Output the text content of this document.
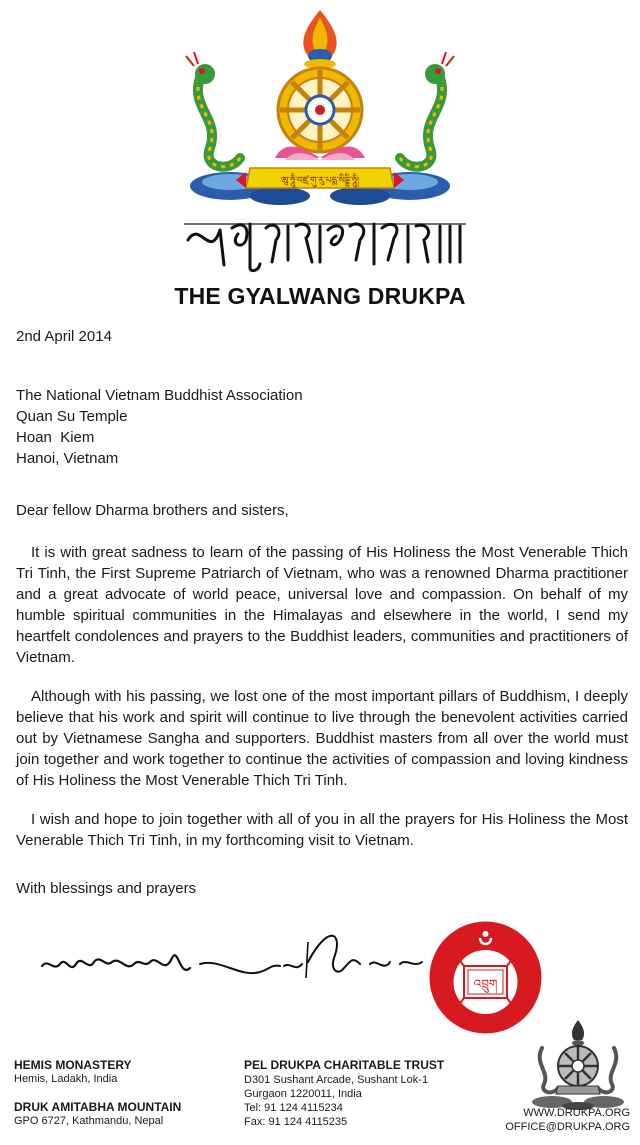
ཨཱ་ཧཱུྃ་བཛྲ་གུ་རུ་པདྨ་སིདྡྷི་ཧཱུྃ།
འབྲུག་ཆེན་རྒྱལ་དབང་
THE GYALWANG DRUKPA
2nd April 2014
The National Vietnam Buddhist Association
Quan Su Temple
Hoan  Kiem
Hanoi, Vietnam
Dear fellow Dharma brothers and sisters,

It is with great sadness to learn of the passing of His Holiness the Most Venerable Thich Tri Tinh, the First Supreme Patriarch of Vietnam, who was a renowned Dharma practitioner and a great advocate of world peace, universal love and compassion. On behalf of my humble spiritual communities in the Himalayas and elsewhere in the world, I send my heartfelt condolences and prayers to the Buddhist leaders, communities and practitioners of Vietnam.

Although with his passing, we lost one of the most important pillars of Buddhism, I deeply believe that his work and spirit will continue to live through the benevolent activities carried out by Vietnamese Sangha and supporters. Buddhist masters from all over the world must join together and work together to continue the activities of compassion and loving kindness of His Holiness the Most Venerable Thich Tri Tinh.

I wish and hope to join together with all of you in all the prayers for His Holiness the Most Venerable Thich Tri Tinh, in my forthcoming visit to Vietnam.

With blessings and prayers
འབྲུག
HEMIS MONASTERY
Hemis, Ladakh, India
DRUK AMITABHA MOUNTAIN
GPO 6727, Kathmandu, Nepal
PEL DRUKPA CHARITABLE TRUST
D301 Sushant Arcade, Sushant Lok-1
Gurgaon 1220011, India
Tel: 91 124 4115234
Fax: 91 124 4115235
WWW.DRUKPA.ORG
OFFICE@DRUKPA.ORG
